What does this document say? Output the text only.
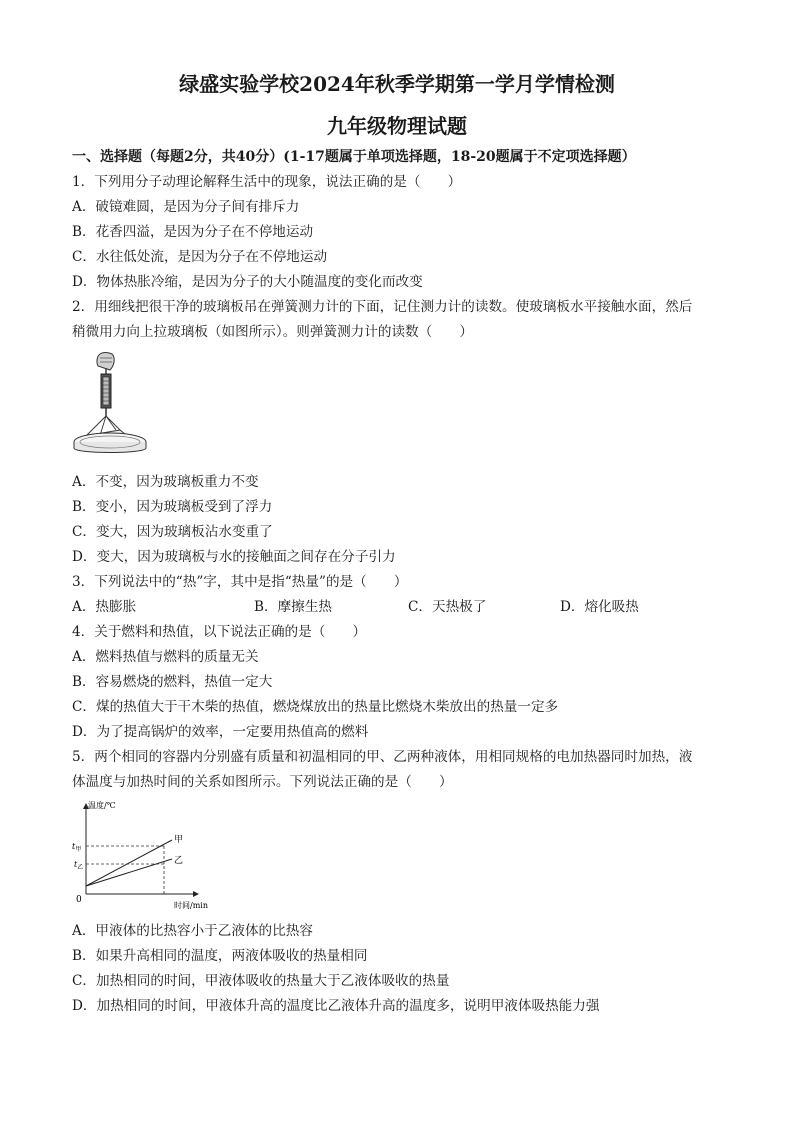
绿盛实验学校2024年秋季学期第一学月学情检测
九年级物理试题
一、选择题（每题2分，共40分）(1-17题属于单项选择题，18-20题属于不定项选择题）
1．下列用分子动理论解释生活中的现象，说法正确的是（　　）
A．破镜难圆，是因为分子间有排斥力
B．花香四溢，是因为分子在不停地运动
C．水往低处流，是因为分子在不停地运动
D．物体热胀冷缩，是因为分子的大小随温度的变化而改变
2．用细线把很干净的玻璃板吊在弹簧测力计的下面，记住测力计的读数。使玻璃板水平接触水面，然后
稍微用力向上拉玻璃板（如图所示）。则弹簧测力计的读数（　　）
A．不变，因为玻璃板重力不变
B．变小，因为玻璃板受到了浮力
C．变大，因为玻璃板沾水变重了
D．变大，因为玻璃板与水的接触面之间存在分子引力
3．下列说法中的“热”字，其中是指“热量”的是（　　）
A．热膨胀	B．摩擦生热	C．天热极了	D．熔化吸热
4．关于燃料和热值，以下说法正确的是（　　）
A．燃料热值与燃料的质量无关
B．容易燃烧的燃料，热值一定大
C．煤的热值大于干木柴的热值，燃烧煤放出的热量比燃烧木柴放出的热量一定多
D．为了提高锅炉的效率，一定要用热值高的燃料
5．两个相同的容器内分别盛有质量和初温相同的甲、乙两种液体，用相同规格的电加热器同时加热，液
体温度与加热时间的关系如图所示。下列说法正确的是（　　）
温度/℃
时间/min
0
$t_甲$
$t_乙$
甲
乙
A．甲液体的比热容小于乙液体的比热容
B．如果升高相同的温度，两液体吸收的热量相同
C．加热相同的时间，甲液体吸收的热量大于乙液体吸收的热量
D．加热相同的时间，甲液体升高的温度比乙液体升高的温度多，说明甲液体吸热能力强
